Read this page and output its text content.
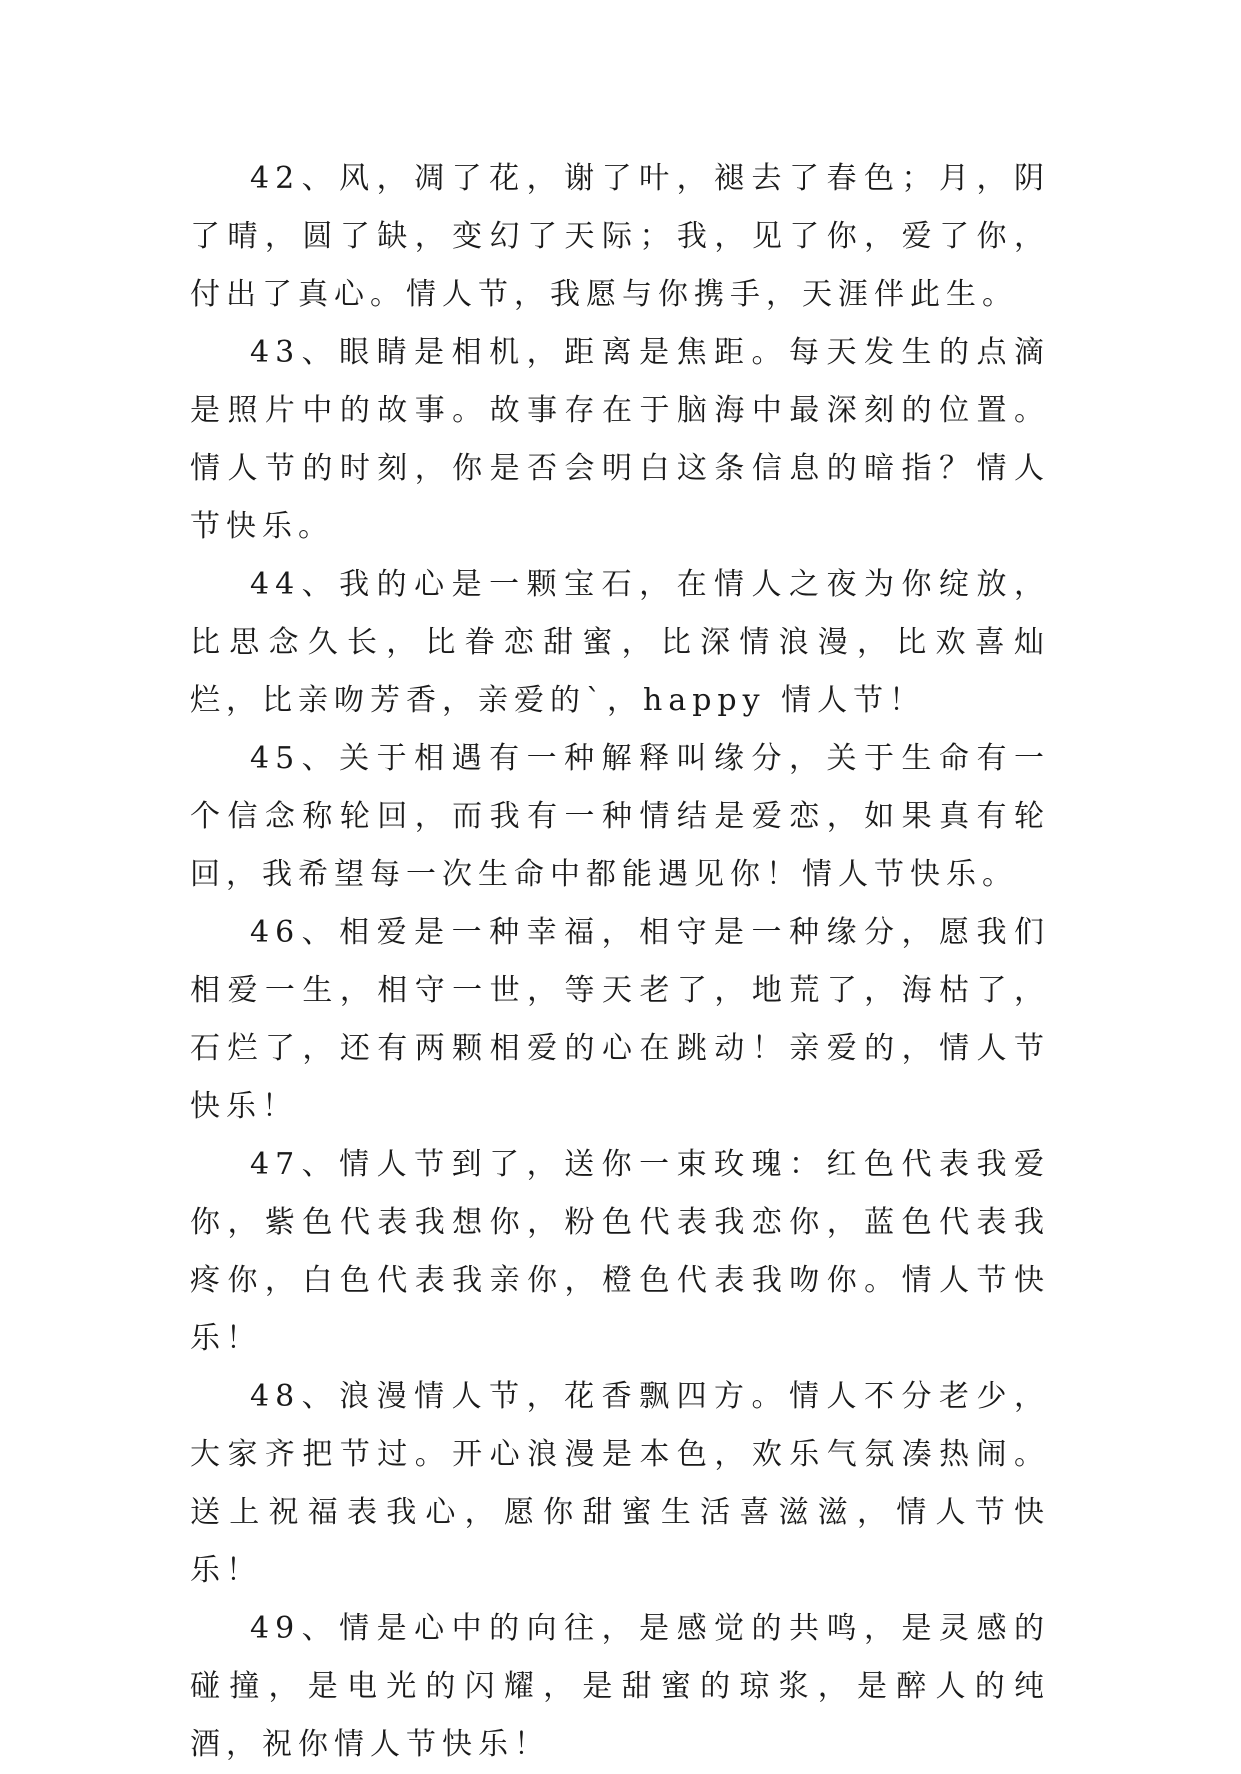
42、风，凋了花，谢了叶，褪去了春色；月，阴了晴，圆了缺，变幻了天际；我，见了你，爱了你，付出了真心。情人节，我愿与你携手，天涯伴此生。

43、眼睛是相机，距离是焦距。每天发生的点滴是照片中的故事。故事存在于脑海中最深刻的位置。情人节的时刻，你是否会明白这条信息的暗指？情人节快乐。

44、我的心是一颗宝石，在情人之夜为你绽放，比思念久长，比眷恋甜蜜，比深情浪漫，比欢喜灿烂，比亲吻芳香，亲爱的`，happy 情人节！

45、关于相遇有一种解释叫缘分，关于生命有一个信念称轮回，而我有一种情结是爱恋，如果真有轮回，我希望每一次生命中都能遇见你！情人节快乐。

46、相爱是一种幸福，相守是一种缘分，愿我们相爱一生，相守一世，等天老了，地荒了，海枯了，石烂了，还有两颗相爱的心在跳动！亲爱的，情人节快乐！

47、情人节到了，送你一束玫瑰：红色代表我爱你，紫色代表我想你，粉色代表我恋你，蓝色代表我疼你，白色代表我亲你，橙色代表我吻你。情人节快乐！

48、浪漫情人节，花香飘四方。情人不分老少，大家齐把节过。开心浪漫是本色，欢乐气氛凑热闹。送上祝福表我心，愿你甜蜜生活喜滋滋，情人节快乐！

49、情是心中的向往，是感觉的共鸣，是灵感的碰撞，是电光的闪耀，是甜蜜的琼浆，是醉人的纯酒，祝你情人节快乐！
